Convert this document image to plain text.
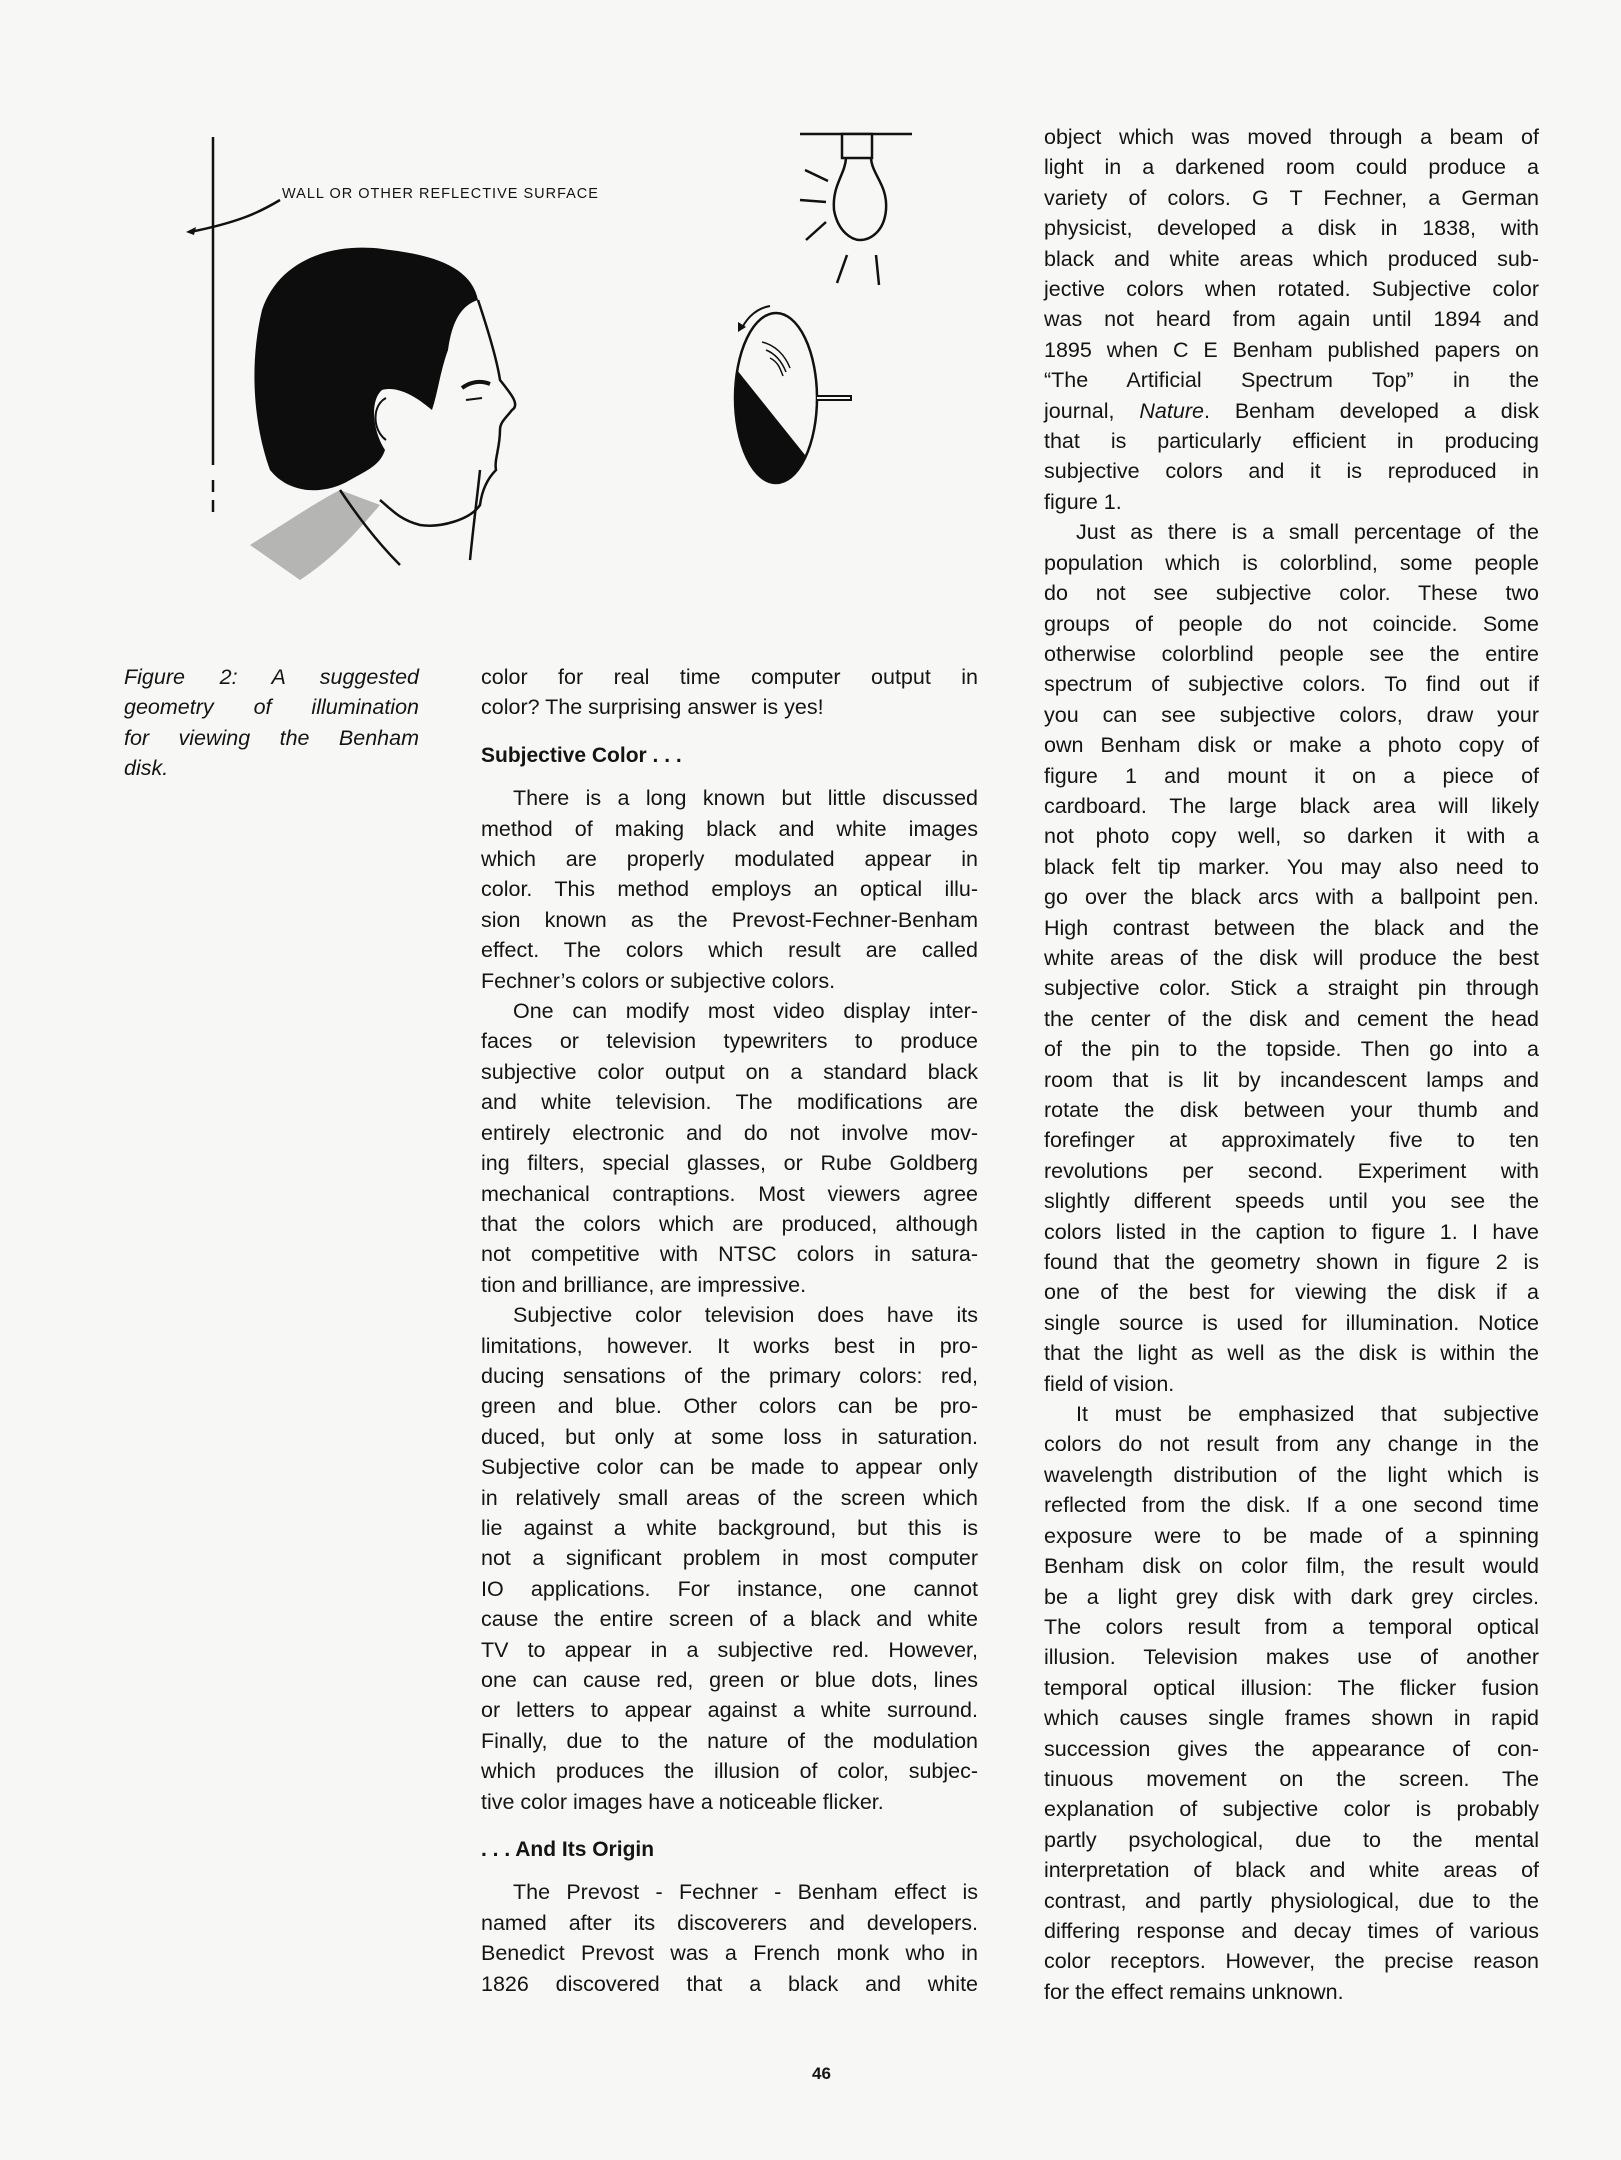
WALL OR OTHER REFLECTIVE SURFACE
Figure 2: A suggested
geometry of illumination
for viewing the Benham
disk.
color for real time computer output in
color? The surprising answer is yes!
Subjective Color . . .
There is a long known but little discussed
method of making black and white images
which are properly modulated appear in
color. This method employs an optical illu-
sion known as the Prevost-Fechner-Benham
effect. The colors which result are called
Fechner’s colors or subjective colors.
One can modify most video display inter-
faces or television typewriters to produce
subjective color output on a standard black
and white television. The modifications are
entirely electronic and do not involve mov-
ing filters, special glasses, or Rube Goldberg
mechanical contraptions. Most viewers agree
that the colors which are produced, although
not competitive with NTSC colors in satura-
tion and brilliance, are impressive.
Subjective color television does have its
limitations, however. It works best in pro-
ducing sensations of the primary colors: red,
green and blue. Other colors can be pro-
duced, but only at some loss in saturation.
Subjective color can be made to appear only
in relatively small areas of the screen which
lie against a white background, but this is
not a significant problem in most computer
IO applications. For instance, one cannot
cause the entire screen of a black and white
TV to appear in a subjective red. However,
one can cause red, green or blue dots, lines
or letters to appear against a white surround.
Finally, due to the nature of the modulation
which produces the illusion of color, subjec-
tive color images have a noticeable flicker.
. . . And Its Origin
The Prevost - Fechner - Benham effect is
named after its discoverers and developers.
Benedict Prevost was a French monk who in
1826 discovered that a black and white
object which was moved through a beam of
light in a darkened room could produce a
variety of colors. G T Fechner, a German
physicist, developed a disk in 1838, with
black and white areas which produced sub-
jective colors when rotated. Subjective color
was not heard from again until 1894 and
1895 when C E Benham published papers on
“The Artificial Spectrum Top” in the
journal, Nature. Benham developed a disk
that is particularly efficient in producing
subjective colors and it is reproduced in
figure 1.
Just as there is a small percentage of the
population which is colorblind, some people
do not see subjective color. These two
groups of people do not coincide. Some
otherwise colorblind people see the entire
spectrum of subjective colors. To find out if
you can see subjective colors, draw your
own Benham disk or make a photo copy of
figure 1 and mount it on a piece of
cardboard. The large black area will likely
not photo copy well, so darken it with a
black felt tip marker. You may also need to
go over the black arcs with a ballpoint pen.
High contrast between the black and the
white areas of the disk will produce the best
subjective color. Stick a straight pin through
the center of the disk and cement the head
of the pin to the topside. Then go into a
room that is lit by incandescent lamps and
rotate the disk between your thumb and
forefinger at approximately five to ten
revolutions per second. Experiment with
slightly different speeds until you see the
colors listed in the caption to figure 1. I have
found that the geometry shown in figure 2 is
one of the best for viewing the disk if a
single source is used for illumination. Notice
that the light as well as the disk is within the
field of vision.
It must be emphasized that subjective
colors do not result from any change in the
wavelength distribution of the light which is
reflected from the disk. If a one second time
exposure were to be made of a spinning
Benham disk on color film, the result would
be a light grey disk with dark grey circles.
The colors result from a temporal optical
illusion. Television makes use of another
temporal optical illusion: The flicker fusion
which causes single frames shown in rapid
succession gives the appearance of con-
tinuous movement on the screen. The
explanation of subjective color is probably
partly psychological, due to the mental
interpretation of black and white areas of
contrast, and partly physiological, due to the
differing response and decay times of various
color receptors. However, the precise reason
for the effect remains unknown.
46
